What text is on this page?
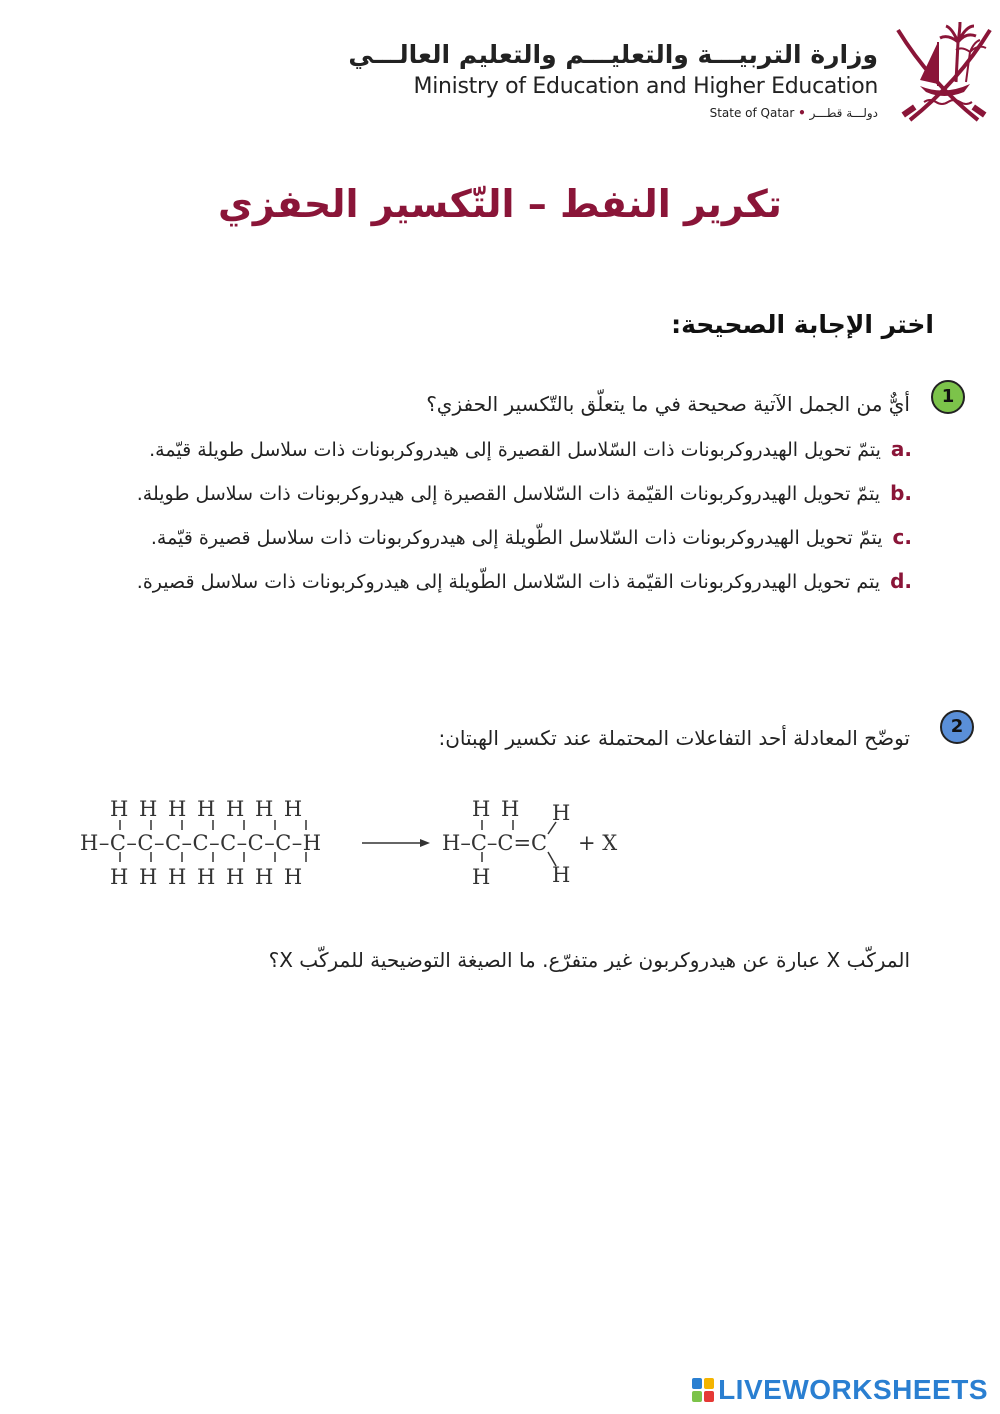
وزارة التربيـــة والتعليـــم والتعليم العالـــي
Ministry of Education and Higher Education
State of Qatar • دولـــة قطـــر
تكرير النفط – التّكسير الحفزي
اختر الإجابة الصحيحة:
1
أيٌّ من الجمل الآتية صحيحة في ما يتعلّق بالتّكسير الحفزي؟
a .
يتمّ تحويل الهيدروكربونات ذات السّلاسل القصيرة إلى هيدروكربونات ذات سلاسل طويلة قيّمة.
b .
يتمّ تحويل الهيدروكربونات القيّمة ذات السّلاسل القصيرة إلى هيدروكربونات ذات سلاسل طويلة.
c .
يتمّ تحويل الهيدروكربونات ذات السّلاسل الطّويلة إلى هيدروكربونات ذات سلاسل قصيرة قيّمة.
d .
يتم تحويل الهيدروكربونات القيّمة ذات السّلاسل الطّويلة إلى هيدروكربونات ذات سلاسل قصيرة.
2
توضّح المعادلة أحد التفاعلات المحتملة عند تكسير الهبتان:
H H H H H H H
H–C–C–C–C–C–C–C–H
H H H H H H H
H H
H–C–C=C
H
H
H
+ X
المركّب X عبارة عن هيدروكربون غير متفرّع. ما الصيغة التوضيحية للمركّب X؟
LIVEWORKSHEETS
